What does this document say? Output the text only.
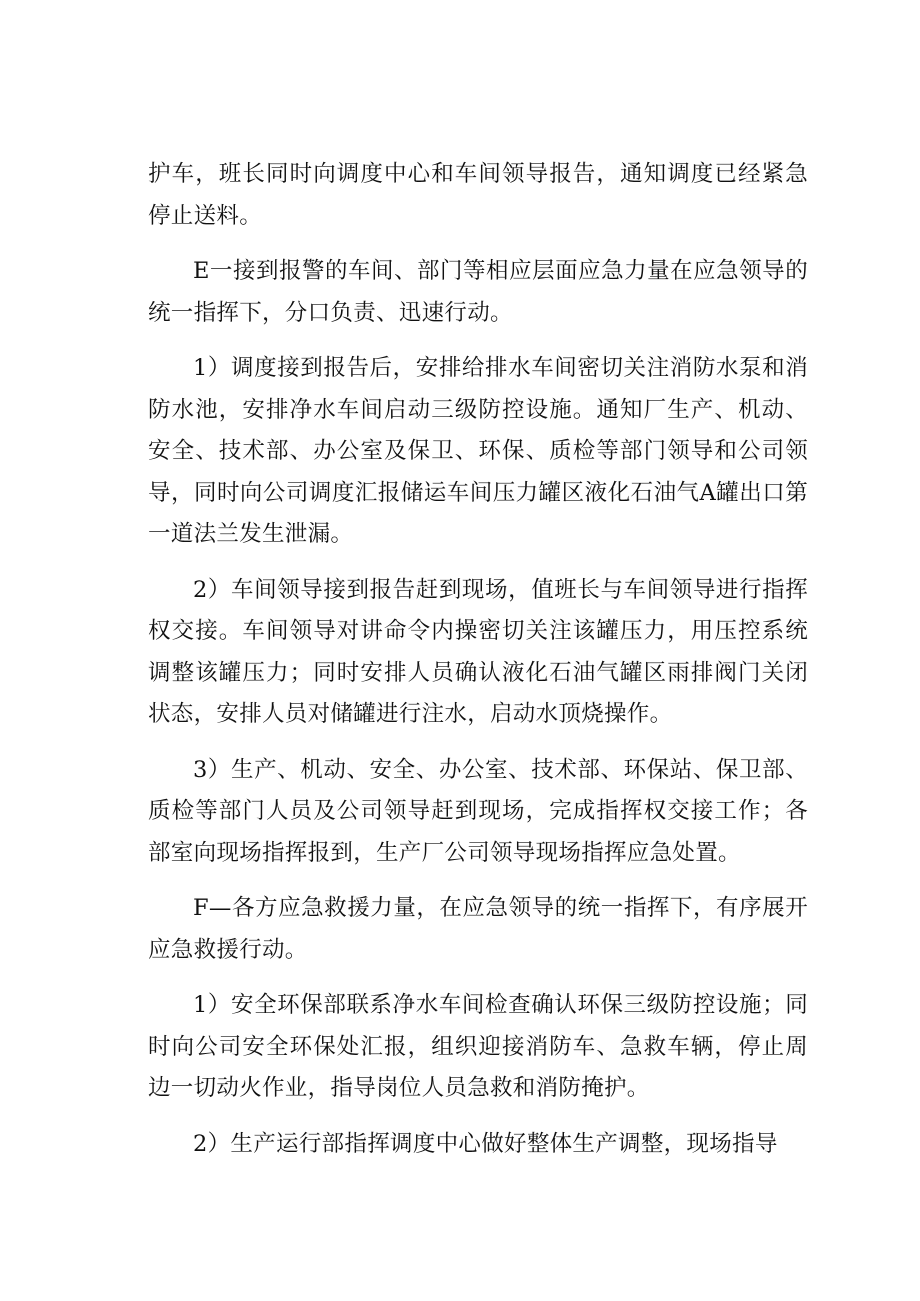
护车，班长同时向调度中心和车间领导报告，通知调度已经紧急停止送料。

E一接到报警的车间、部门等相应层面应急力量在应急领导的统一指挥下，分口负责、迅速行动。

1）调度接到报告后，安排给排水车间密切关注消防水泵和消防水池，安排净水车间启动三级防控设施。通知厂生产、机动、安全、技术部、办公室及保卫、环保、质检等部门领导和公司领导，同时向公司调度汇报储运车间压力罐区液化石油气A罐出口第一道法兰发生泄漏。

2）车间领导接到报告赶到现场，值班长与车间领导进行指挥权交接。车间领导对讲命令内操密切关注该罐压力，用压控系统调整该罐压力；同时安排人员确认液化石油气罐区雨排阀门关闭状态，安排人员对储罐进行注水，启动水顶烧操作。

3）生产、机动、安全、办公室、技术部、环保站、保卫部、质检等部门人员及公司领导赶到现场，完成指挥权交接工作；各部室向现场指挥报到，生产厂公司领导现场指挥应急处置。

F—各方应急救援力量，在应急领导的统一指挥下，有序展开应急救援行动。

1）安全环保部联系净水车间检查确认环保三级防控设施；同时向公司安全环保处汇报，组织迎接消防车、急救车辆，停止周边一切动火作业，指导岗位人员急救和消防掩护。

2）生产运行部指挥调度中心做好整体生产调整，现场指导
